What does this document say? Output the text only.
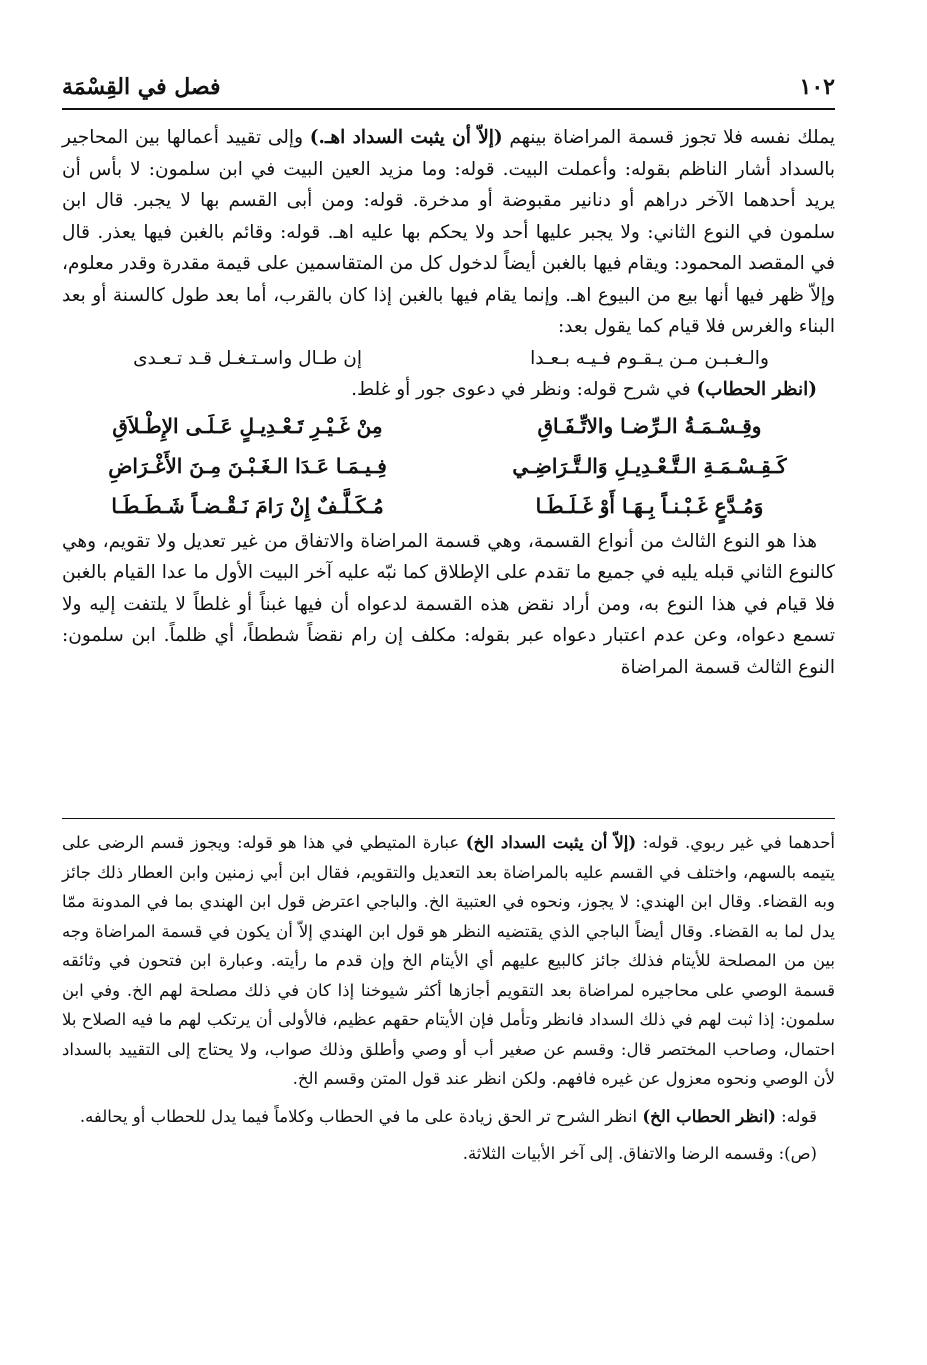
١٠٢
فصل في القِسْمَة

يملك نفسه فلا تجوز قسمة المراضاة بينهم (إلاّ أن يثبت السداد اهـ.) وإلى تقييد أعمالها بين المحاجير بالسداد أشار الناظم بقوله: وأعملت البيت. قوله: وما مزيد العين البيت في ابن سلمون: لا بأس أن يريد أحدهما الآخر دراهم أو دنانير مقبوضة أو مدخرة. قوله: ومن أبى القسم بها لا يجبر. قال ابن سلمون في النوع الثاني: ولا يجبر عليها أحد ولا يحكم بها عليه اهـ. قوله: وقائم بالغبن فيها يعذر. قال في المقصد المحمود: ويقام فيها بالغبن أيضاً لدخول كل من المتقاسمين على قيمة مقدرة وقدر معلوم، وإلاّ ظهر فيها أنها بيع من البيوع اهـ. وإنما يقام فيها بالغبن إذا كان بالقرب، أما بعد طول كالسنة أو بعد البناء والغرس فلا قيام كما يقول بعد:

والـغـبـن مـن يـقـوم فـيـه بـعـدا
إن طـال واسـتـغـل قـد تـعـدى

(انظر الحطاب) في شرح قوله: ونظر في دعوى جور أو غلط.

وقِـسْـمَـةُ الـرِّضـا والاتِّـفَـاقِ
مِنْ غَـيْـرِ تَـعْـدِيـلٍ عَـلَـى الإِطْـلاَقِ
كَـقِـسْـمَـةِ الـتَّـعْـدِيـلِ وَالـتَّـرَاضِـي
فِـيـمَـا عَـدَا الـغَـبْـنَ مِـنَ الأَغْـرَاضِ
وَمُـدَّعٍ غَـبْـنـاً بِـهَـا أَوْ غَـلَـطَـا
مُـكَـلَّـفٌ إِنْ رَامَ نَـقْـضـاً شَـطَـطَـا

هذا هو النوع الثالث من أنواع القسمة، وهي قسمة المراضاة والاتفاق من غير تعديل ولا تقويم، وهي كالنوع الثاني قبله يليه في جميع ما تقدم على الإطلاق كما نبّه عليه آخر البيت الأول ما عدا القيام بالغبن فلا قيام في هذا النوع به، ومن أراد نقض هذه القسمة لدعواه أن فيها غبناً أو غلطاً لا يلتفت إليه ولا تسمع دعواه، وعن عدم اعتبار دعواه عبر بقوله: مكلف إن رام نقضاً شططاً، أي ظلماً. ابن سلمون: النوع الثالث قسمة المراضاة

أحدهما في غير ربوي. قوله: (إلاّ أن يثبت السداد الخ) عبارة المتيطي في هذا هو قوله: ويجوز قسم الرضى على يتيمه بالسهم، واختلف في القسم عليه بالمراضاة بعد التعديل والتقويم، فقال ابن أبي زمنين وابن العطار ذلك جائز وبه القضاء. وقال ابن الهندي: لا يجوز، ونحوه في العتبية الخ. والباجي اعترض قول ابن الهندي بما في المدونة ممّا يدل لما به القضاء. وقال أيضاً الباجي الذي يقتضيه النظر هو قول ابن الهندي إلاّ أن يكون في قسمة المراضاة وجه بين من المصلحة للأيتام فذلك جائز كالبيع عليهم أي الأيتام الخ وإن قدم ما رأيته. وعبارة ابن فتحون في وثائقه قسمة الوصي على محاجيره لمراضاة بعد التقويم أجازها أكثر شيوخنا إذا كان في ذلك مصلحة لهم الخ. وفي ابن سلمون: إذا ثبت لهم في ذلك السداد فانظر وتأمل فإن الأيتام حقهم عظيم، فالأولى أن يرتكب لهم ما فيه الصلاح بلا احتمال، وصاحب المختصر قال: وقسم عن صغير أب أو وصي وأطلق وذلك صواب، ولا يحتاج إلى التقييد بالسداد لأن الوصي ونحوه معزول عن غيره فافهم. ولكن انظر عند قول المتن وقسم الخ.

قوله: (انظر الحطاب الخ) انظر الشرح تر الحق زيادة على ما في الحطاب وكلاماً فيما يدل للحطاب أو يحالفه.

(ص): وقسمه الرضا والاتفاق. إلى آخر الأبيات الثلاثة.
